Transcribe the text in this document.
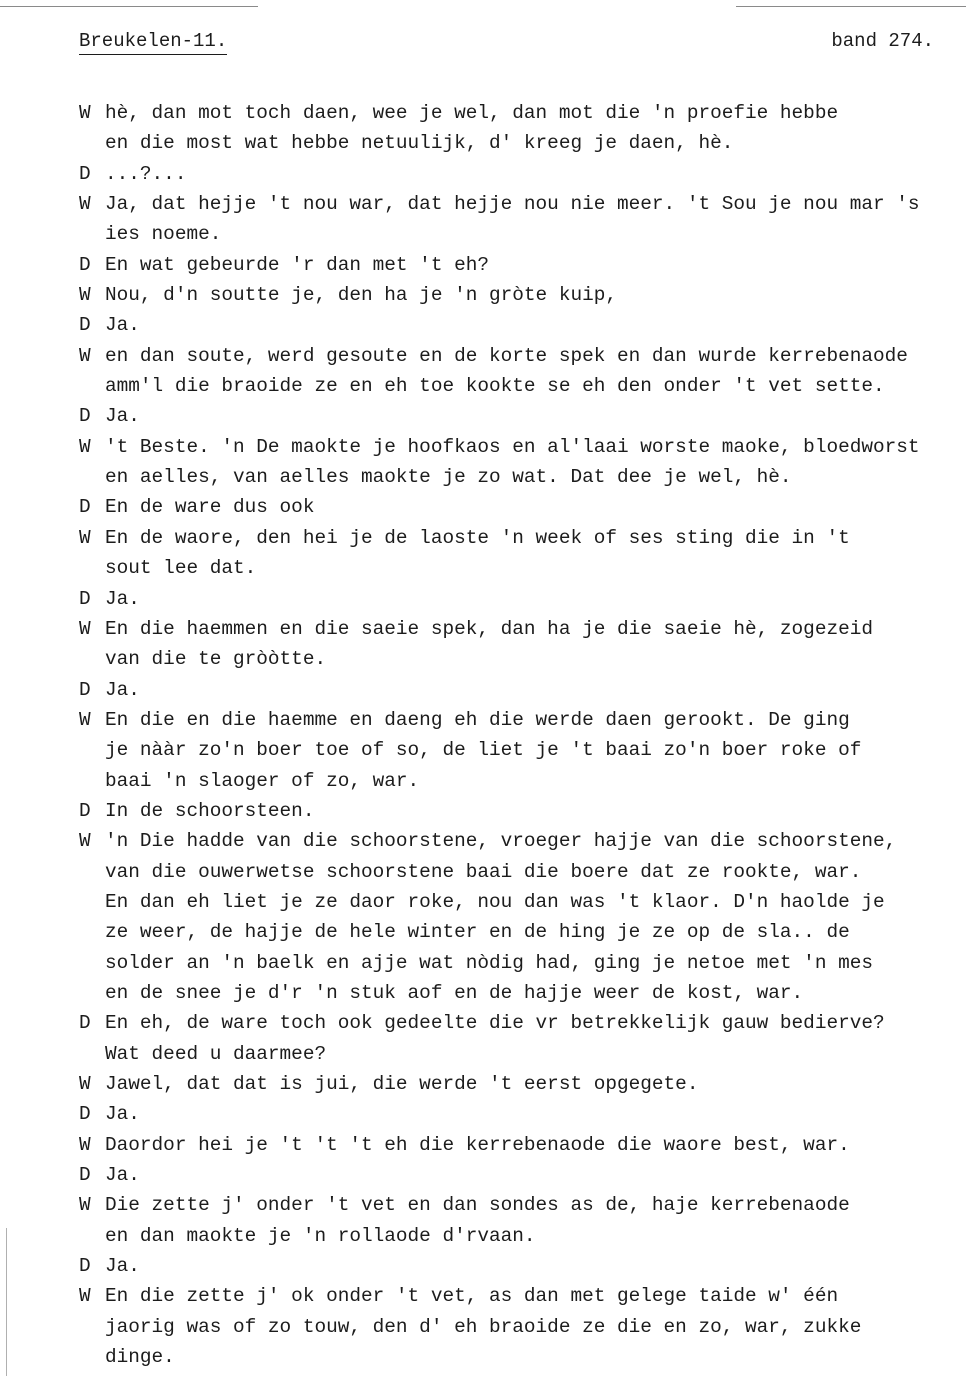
Breukelen-11.	band 274.
W hè, dan mot toch daen, wee je wel, dan mot die 'n proefie hebbe
en die most wat hebbe netuulijk, d' kreeg je daen, hè.
D ...?...
W Ja, dat hejje 't nou war, dat hejje nou nie meer. 't Sou je nou mar 's
ies noeme.
D En wat gebeurde 'r dan met 't eh?
W Nou, d'n soutte je, den ha je 'n gròte kuip,
D Ja.
W en dan soute, werd gesoute en de korte spek en dan wurde kerrebenaode
amm'l die braoide ze en eh toe kookte se eh den onder 't vet sette.
D Ja.
W 't Beste. 'n De maokte je hoofkaos en al'laai worste maoke, bloedworst
en aelles, van aelles maokte je zo wat. Dat dee je wel, hè.
D En de ware dus ook
W En de waore, den hei je de laoste 'n week of ses sting die in 't
sout lee dat.
D Ja.
W En die haemmen en die saeie spek, dan ha je die saeie hè, zogezeid
van die te gròòtte.
D Ja.
W En die en die haemme en daeng eh die werde daen gerookt. De ging
je nààr zo'n boer toe of so, de liet je 't baai zo'n boer roke of
baai 'n slaoger of zo, war.
D In de schoorsteen.
W 'n Die hadde van die schoorstene, vroeger hajje van die schoorstene,
van die ouwerwetse schoorstene baai die boere dat ze rookte, war.
En dan eh liet je ze daor roke, nou dan was 't klaor. D'n haolde je
ze weer, de hajje de hele winter en de hing je ze op de sla.. de
solder an 'n baelk en ajje wat nòdig had, ging je netoe met 'n mes
en de snee je d'r 'n stuk aof en de hajje weer de kost, war.
D En eh, de ware toch ook gedeelte die vr betrekkelijk gauw bedierve?
Wat deed u daarmee?
W Jawel, dat dat is jui, die werde 't eerst opgegete.
D Ja.
W Daordor hei je 't 't 't eh die kerrebenaode die waore best, war.
D Ja.
W Die zette j' onder 't vet en dan sondes as de, haje kerrebenaode
en dan maokte je 'n rollaode d'rvaan.
D Ja.
W En die zette j' ok onder 't vet, as dan met gelege taide w' één
jaorig was of zo touw, den d' eh braoide ze die en zo, war, zukke
dinge.
